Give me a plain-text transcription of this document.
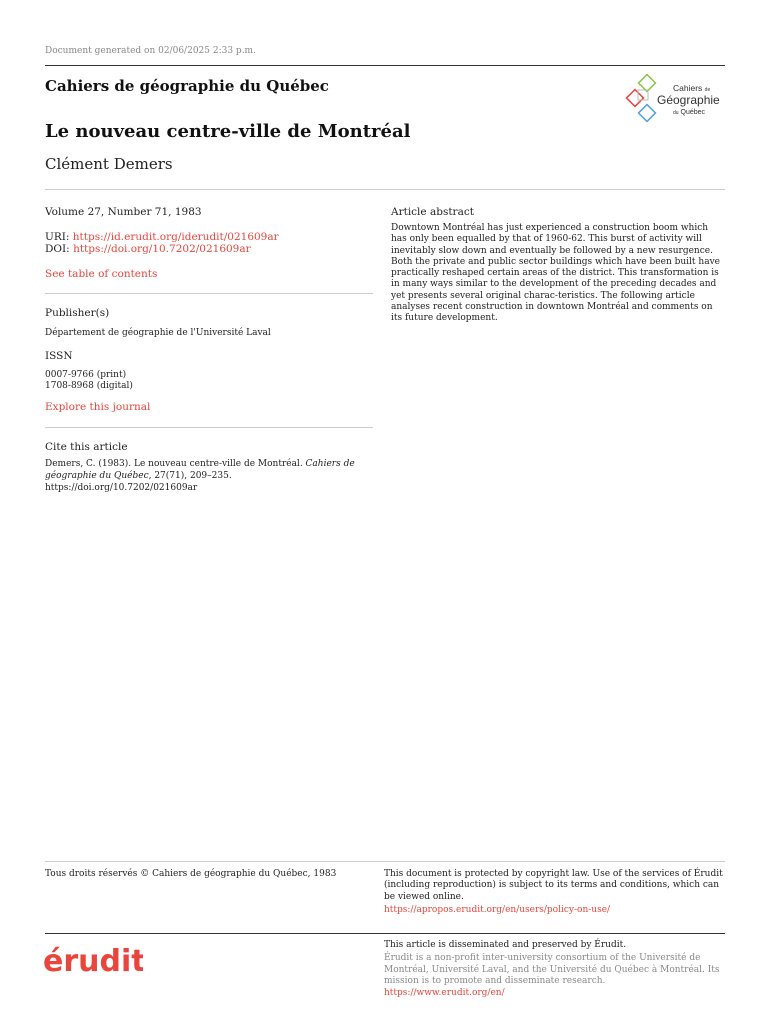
Document generated on 02/06/2025 2:33 p.m.
Cahiers de géographie du Québec	Cahiers de
Géographie
du Québec
Le nouveau centre-ville de Montréal
Clément Demers
Volume 27, Number 71, 1983
URI: https://id.erudit.org/iderudit/021609ar
DOI: https://doi.org/10.7202/021609ar
See table of contents
Publisher(s)
Département de géographie de l'Université Laval
ISSN
0007-9766 (print)
1708-8968 (digital)
Explore this journal
Cite this article
Demers, C. (1983). Le nouveau centre-ville de Montréal. Cahiers de géographie du Québec, 27(71), 209–235. https://doi.org/10.7202/021609ar
Article abstract
Downtown Montréal has just experienced a construction boom which has only been equalled by that of 1960-62. This burst of activity will inevitably slow down and eventually be followed by a new resurgence. Both the private and public sector buildings which have been built have practically reshaped certain areas of the district. This transformation is in many ways similar to the development of the preceding decades and yet presents several original charac-teristics. The following article analyses recent construction in downtown Montréal and comments on its future development.
Tous droits réservés © Cahiers de géographie du Québec, 1983	This document is protected by copyright law. Use of the services of Érudit (including reproduction) is subject to its terms and conditions, which can be viewed online.
https://apropos.erudit.org/en/users/policy-on-use/
érudit	This article is disseminated and preserved by Érudit.
Érudit is a non-profit inter-university consortium of the Université de Montréal, Université Laval, and the Université du Québec à Montréal. Its mission is to promote and disseminate research.
https://www.erudit.org/en/
